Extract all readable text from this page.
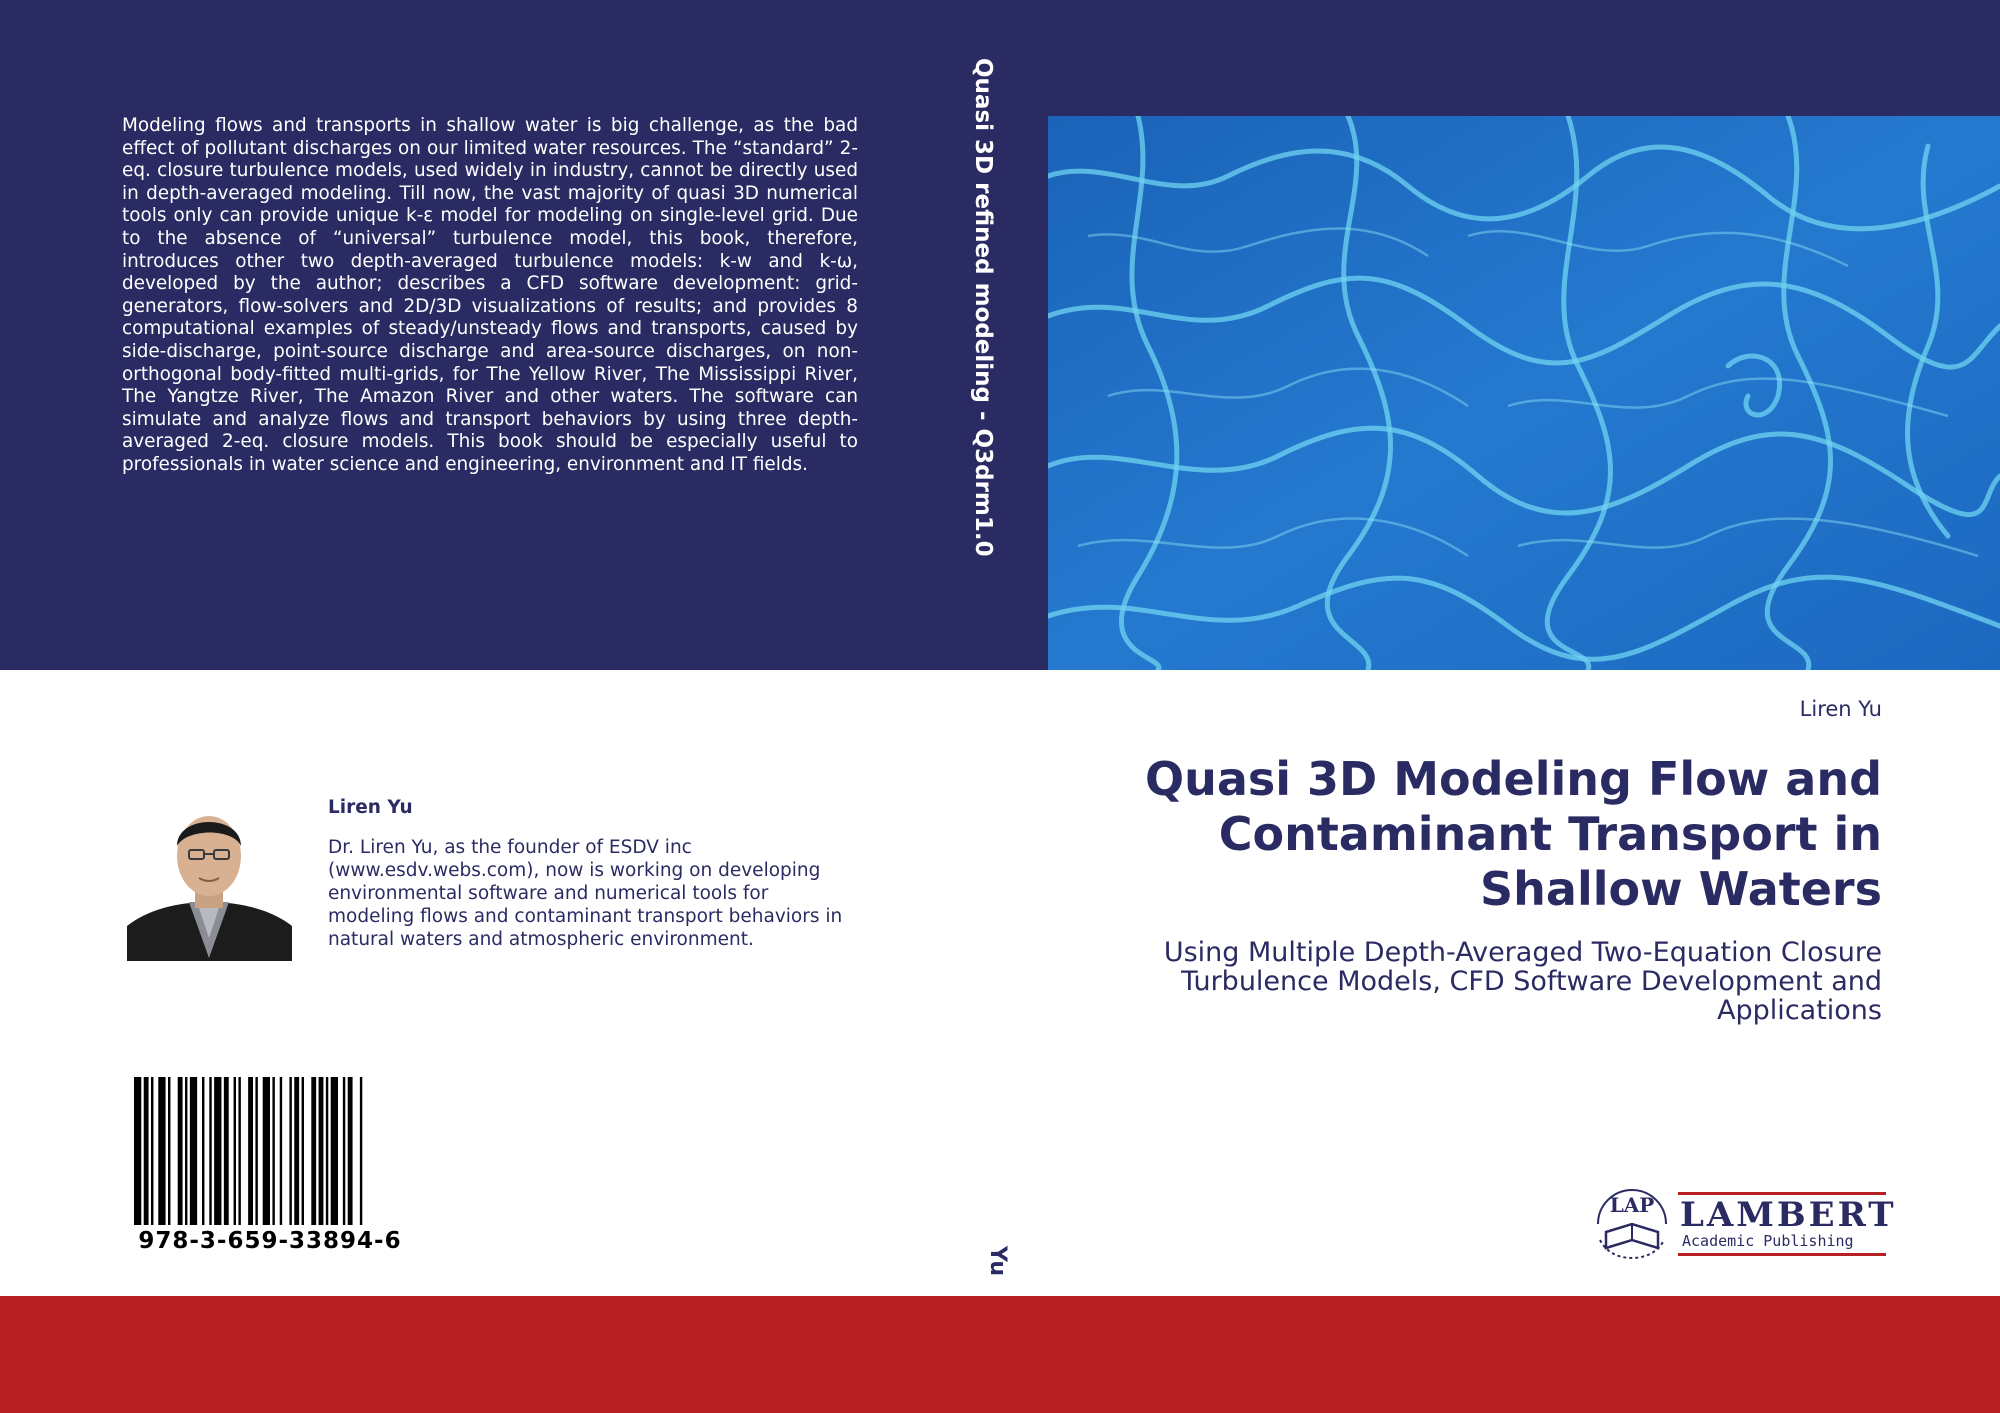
Modeling flows and transports in shallow water is big challenge, as the bad effect of pollutant discharges on our limited water resources. The “standard” 2-eq. closure turbulence models, used widely in industry, cannot be directly used in depth-averaged modeling. Till now, the vast majority of quasi 3D numerical tools only can provide unique k-ε model for modeling on single-level grid. Due to the absence of “universal” turbulence model, this book, therefore, introduces other two depth-averaged turbulence models: k-w and k-ω, developed by the author; describes a CFD software development: grid-generators, flow-solvers and 2D/3D visualizations of results; and provides 8 computational examples of steady/unsteady flows and transports, caused by side-discharge, point-source discharge and area-source discharges, on non-orthogonal body-fitted multi-grids, for The Yellow River, The Mississippi River, The Yangtze River, The Amazon River and other waters. The software can simulate and analyze flows and transport behaviors by using three depth-averaged 2-eq. closure models. This book should be especially useful to professionals in water science and engineering, environment and IT fields.	Quasi 3D refined modeling - Q3drm1.0
Liren Yu
Quasi 3D Modeling Flow and Contaminant Transport in Shallow Waters

Using Multiple Depth-Averaged Two-Equation Closure Turbulence Models, CFD Software Development and Applications

Liren Yu

Dr. Liren Yu, as the founder of ESDV inc (www.esdv.webs.com), now is working on developing environmental software and numerical tools for modeling flows and contaminant transport behaviors in natural waters and atmospheric environment.

978-3-659-33894-6
Yu
LAP LAMBERT
Academic Publishing
